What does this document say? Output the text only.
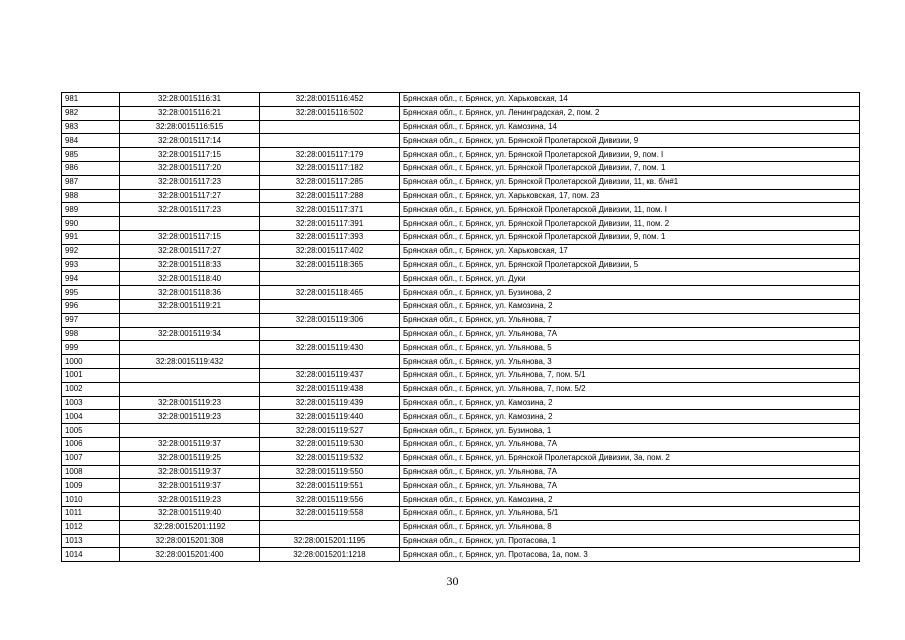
981	32:28:0015116:31	32:28:0015116:452	Брянская обл., г. Брянск, ул. Харьковская, 14
982	32:28:0015116:21	32:28:0015116:502	Брянская обл., г. Брянск, ул. Ленинградская, 2, пом. 2
983	32:28:0015116:515		Брянская обл., г. Брянск, ул. Камозина, 14
984	32:28:0015117:14		Брянская обл., г. Брянск, ул. Брянской Пролетарской Дивизии, 9
985	32:28:0015117:15	32:28:0015117:179	Брянская обл., г. Брянск, ул. Брянской Пролетарской Дивизии, 9, пом. I
986	32:28:0015117:20	32:28:0015117:182	Брянская обл., г. Брянск, ул. Брянской Пролетарской Дивизии, 7, пом. 1
987	32:28:0015117:23	32:28:0015117:285	Брянская обл., г. Брянск, ул. Брянской Пролетарской Дивизии, 11, кв. б/н#1
988	32:28:0015117:27	32:28:0015117:288	Брянская обл., г. Брянск, ул. Харьковская, 17, пом. 23
989	32:28:0015117:23	32:28:0015117:371	Брянская обл., г. Брянск, ул. Брянской Пролетарской Дивизии, 11, пом. I
990		32:28:0015117:391	Брянская обл., г. Брянск, ул. Брянской Пролетарской Дивизии, 11, пом. 2
991	32:28:0015117:15	32:28:0015117:393	Брянская обл., г. Брянск, ул. Брянской Пролетарской Дивизии, 9, пом. 1
992	32:28:0015117:27	32:28:0015117:402	Брянская обл., г. Брянск, ул. Харьковская, 17
993	32:28:0015118:33	32:28:0015118:365	Брянская обл., г. Брянск, ул. Брянской Пролетарской Дивизии, 5
994	32:28:0015118:40		Брянская обл., г. Брянск, ул. Дуки
995	32:28:0015118:36	32:28:0015118:465	Брянская обл., г. Брянск, ул. Бузинова, 2
996	32:28:0015119:21		Брянская обл., г. Брянск, ул. Камозина, 2
997		32:28:0015119:306	Брянская обл., г. Брянск, ул. Ульянова, 7
998	32:28:0015119:34		Брянская обл., г. Брянск, ул. Ульянова, 7А
999		32:28:0015119:430	Брянская обл., г. Брянск, ул. Ульянова, 5
1000	32:28:0015119:432		Брянская обл., г. Брянск, ул. Ульянова, 3
1001		32:28:0015119:437	Брянская обл., г. Брянск, ул. Ульянова, 7, пом. 5/1
1002		32:28:0015119:438	Брянская обл., г. Брянск, ул. Ульянова, 7, пом. 5/2
1003	32:28:0015119:23	32:28:0015119:439	Брянская обл., г. Брянск, ул. Камозина, 2
1004	32:28:0015119:23	32:28:0015119:440	Брянская обл., г. Брянск, ул. Камозина, 2
1005		32:28:0015119:527	Брянская обл., г. Брянск, ул. Бузинова, 1
1006	32:28:0015119:37	32:28:0015119:530	Брянская обл., г. Брянск, ул. Ульянова, 7А
1007	32:28:0015119:25	32:28:0015119:532	Брянская обл., г. Брянск, ул. Брянской Пролетарской Дивизии, 3а, пом. 2
1008	32:28:0015119:37	32:28:0015119:550	Брянская обл., г. Брянск, ул. Ульянова, 7А
1009	32:28:0015119:37	32:28:0015119:551	Брянская обл., г. Брянск, ул. Ульянова, 7А
1010	32:28:0015119:23	32:28:0015119:556	Брянская обл., г. Брянск, ул. Камозина, 2
1011	32:28:0015119:40	32:28:0015119:558	Брянская обл., г. Брянск, ул. Ульянова, 5/1
1012	32:28:0015201:1192		Брянская обл., г. Брянск, ул. Ульянова, 8
1013	32:28:0015201:308	32:28:0015201:1195	Брянская обл., г. Брянск, ул. Протасова, 1
1014	32:28:0015201:400	32:28:0015201:1218	Брянская обл., г. Брянск, ул. Протасова, 1а, пом. 3
30
